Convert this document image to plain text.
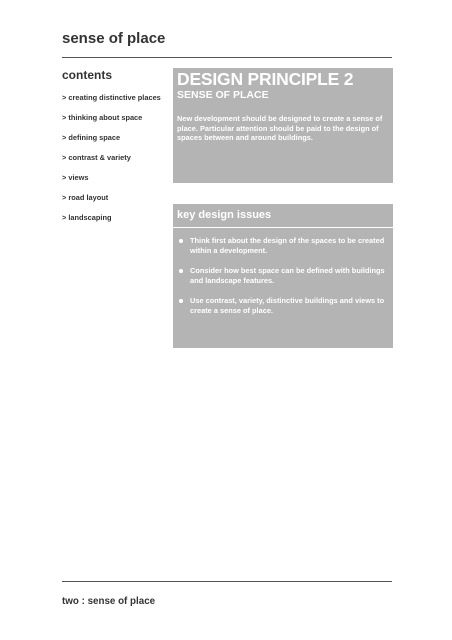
sense of place
contents
> creating distinctive places
> thinking about space
> defining space
> contrast & variety
> views
> road layout
> landscaping
DESIGN PRINCIPLE 2
SENSE OF PLACE

New development should be designed to create a sense of place. Particular attention should be paid to the design of spaces between and around buildings.

key design issues
Think first about the design of the spaces to be created within a development.
Consider how best space can be defined with buildings and landscape features.
Use contrast, variety, distinctive buildings and views to create a sense of place.

two : sense of place
